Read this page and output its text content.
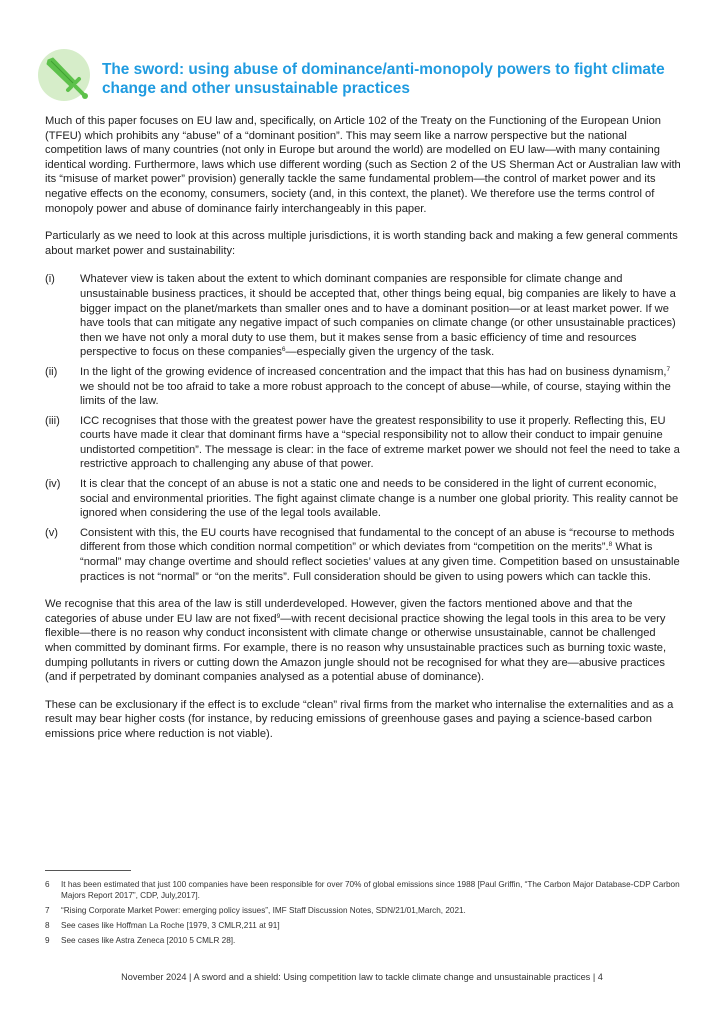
The sword: using abuse of dominance/anti-monopoly powers to fight climate change and other unsustainable practices

Much of this paper focuses on EU law and, specifically, on Article 102 of the Treaty on the Functioning of the European Union (TFEU) which prohibits any “abuse” of a “dominant position”. This may seem like a narrow perspective but the national competition laws of many countries (not only in Europe but around the world) are modelled on EU law—with many containing identical wording. Furthermore, laws which use different wording (such as Section 2 of the US Sherman Act or Australian law with its “misuse of market power” provision) generally tackle the same fundamental problem—the control of market power and its negative effects on the economy, consumers, society (and, in this context, the planet). We therefore use the terms control of monopoly power and abuse of dominance fairly interchangeably in this paper.

Particularly as we need to look at this across multiple jurisdictions, it is worth standing back and making a few general comments about market power and sustainability:

(i)	Whatever view is taken about the extent to which dominant companies are responsible for climate change and unsustainable business practices, it should be accepted that, other things being equal, big companies are likely to have a bigger impact on the planet/markets than smaller ones and to have a dominant position—or at least market power. If we have tools that can mitigate any negative impact of such companies on climate change (or other unsustainable practices) then we have not only a moral duty to use them, but it makes sense from a basic efficiency of time and resources perspective to focus on these companies$^6$—especially given the urgency of the task.
(ii)	In the light of the growing evidence of increased concentration and the impact that this has had on business dynamism,$^7$ we should not be too afraid to take a more robust approach to the concept of abuse—while, of course, staying within the limits of the law.
(iii)	ICC recognises that those with the greatest power have the greatest responsibility to use it properly. Reflecting this, EU courts have made it clear that dominant firms have a “special responsibility not to allow their conduct to impair genuine undistorted competition”. The message is clear: in the face of extreme market power we should not feel the need to take a restrictive approach to challenging any abuse of that power.
(iv)	It is clear that the concept of an abuse is not a static one and needs to be considered in the light of current economic, social and environmental priorities. The fight against climate change is a number one global priority. This reality cannot be ignored when considering the use of the legal tools available.
(v)	Consistent with this, the EU courts have recognised that fundamental to the concept of an abuse is “recourse to methods different from those which condition normal competition” or which deviates from “competition on the merits”.$^8$ What is “normal” may change overtime and should reflect societies’ values at any given time. Competition based on unsustainable practices is not “normal” or “on the merits”. Full consideration should be given to using powers which can tackle this.

We recognise that this area of the law is still underdeveloped. However, given the factors mentioned above and that the categories of abuse under EU law are not fixed$^9$—with recent decisional practice showing the legal tools in this area to be very flexible—there is no reason why conduct inconsistent with climate change or otherwise unsustainable, cannot be challenged when committed by dominant firms. For example, there is no reason why unsustainable practices such as burning toxic waste, dumping pollutants in rivers or cutting down the Amazon jungle should not be recognised for what they are—abusive practices (and if perpetrated by dominant companies analysed as a potential abuse of dominance).

These can be exclusionary if the effect is to exclude “clean” rival firms from the market who internalise the externalities and as a result may bear higher costs (for instance, by reducing emissions of greenhouse gases and paying a science-based carbon emissions price where reduction is not viable).

6	It has been estimated that just 100 companies have been responsible for over 70% of global emissions since 1988 [Paul Griffin, “The Carbon Major Database-CDP Carbon Majors Report 2017”, CDP, July,2017].
7	“Rising Corporate Market Power: emerging policy issues”, IMF Staff Discussion Notes, SDN/21/01,March, 2021.
8	See cases like Hoffman La Roche [1979, 3 CMLR,211 at 91]
9	See cases like Astra Zeneca [2010 5 CMLR 28].
November 2024 | A sword and a shield: Using competition law to tackle climate change and unsustainable practices | 4
